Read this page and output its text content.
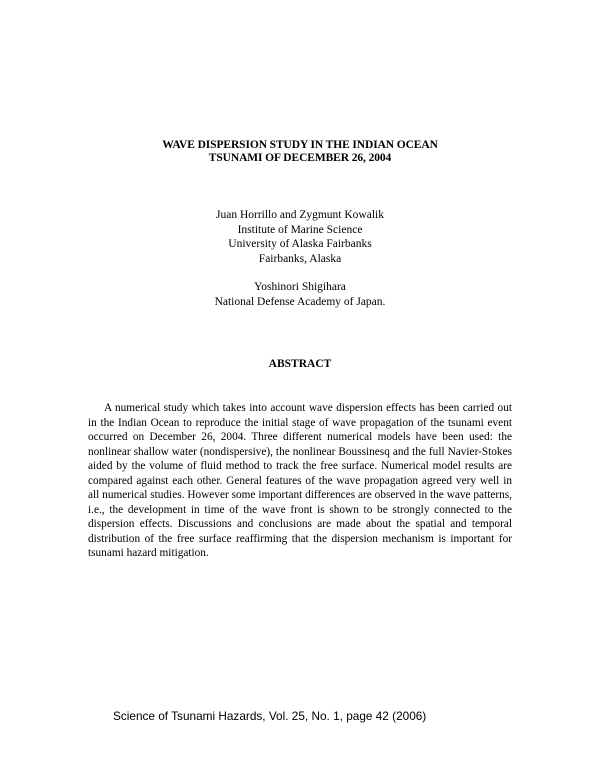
WAVE DISPERSION STUDY IN THE INDIAN OCEAN
TSUNAMI OF DECEMBER 26, 2004
Juan Horrillo and Zygmunt Kowalik
Institute of Marine Science
University of Alaska Fairbanks
Fairbanks, Alaska
Yoshinori Shigihara
National Defense Academy of Japan.
ABSTRACT

A numerical study which takes into account wave dispersion effects has been carried out in the Indian Ocean to reproduce the initial stage of wave propagation of the tsunami event occurred on December 26, 2004. Three different numerical models have been used: the nonlinear shallow water (nondispersive), the nonlinear Boussinesq and the full Navier-Stokes aided by the volume of fluid method to track the free surface. Numerical model results are compared against each other. General features of the wave propagation agreed very well in all numerical studies. However some important differences are observed in the wave patterns, i.e., the development in time of the wave front is shown to be strongly connected to the dispersion effects. Discussions and conclusions are made about the spatial and temporal distribution of the free surface reaffirming that the dispersion mechanism is important for tsunami hazard mitigation.

Science of Tsunami Hazards, Vol. 25, No. 1, page 42 (2006)
